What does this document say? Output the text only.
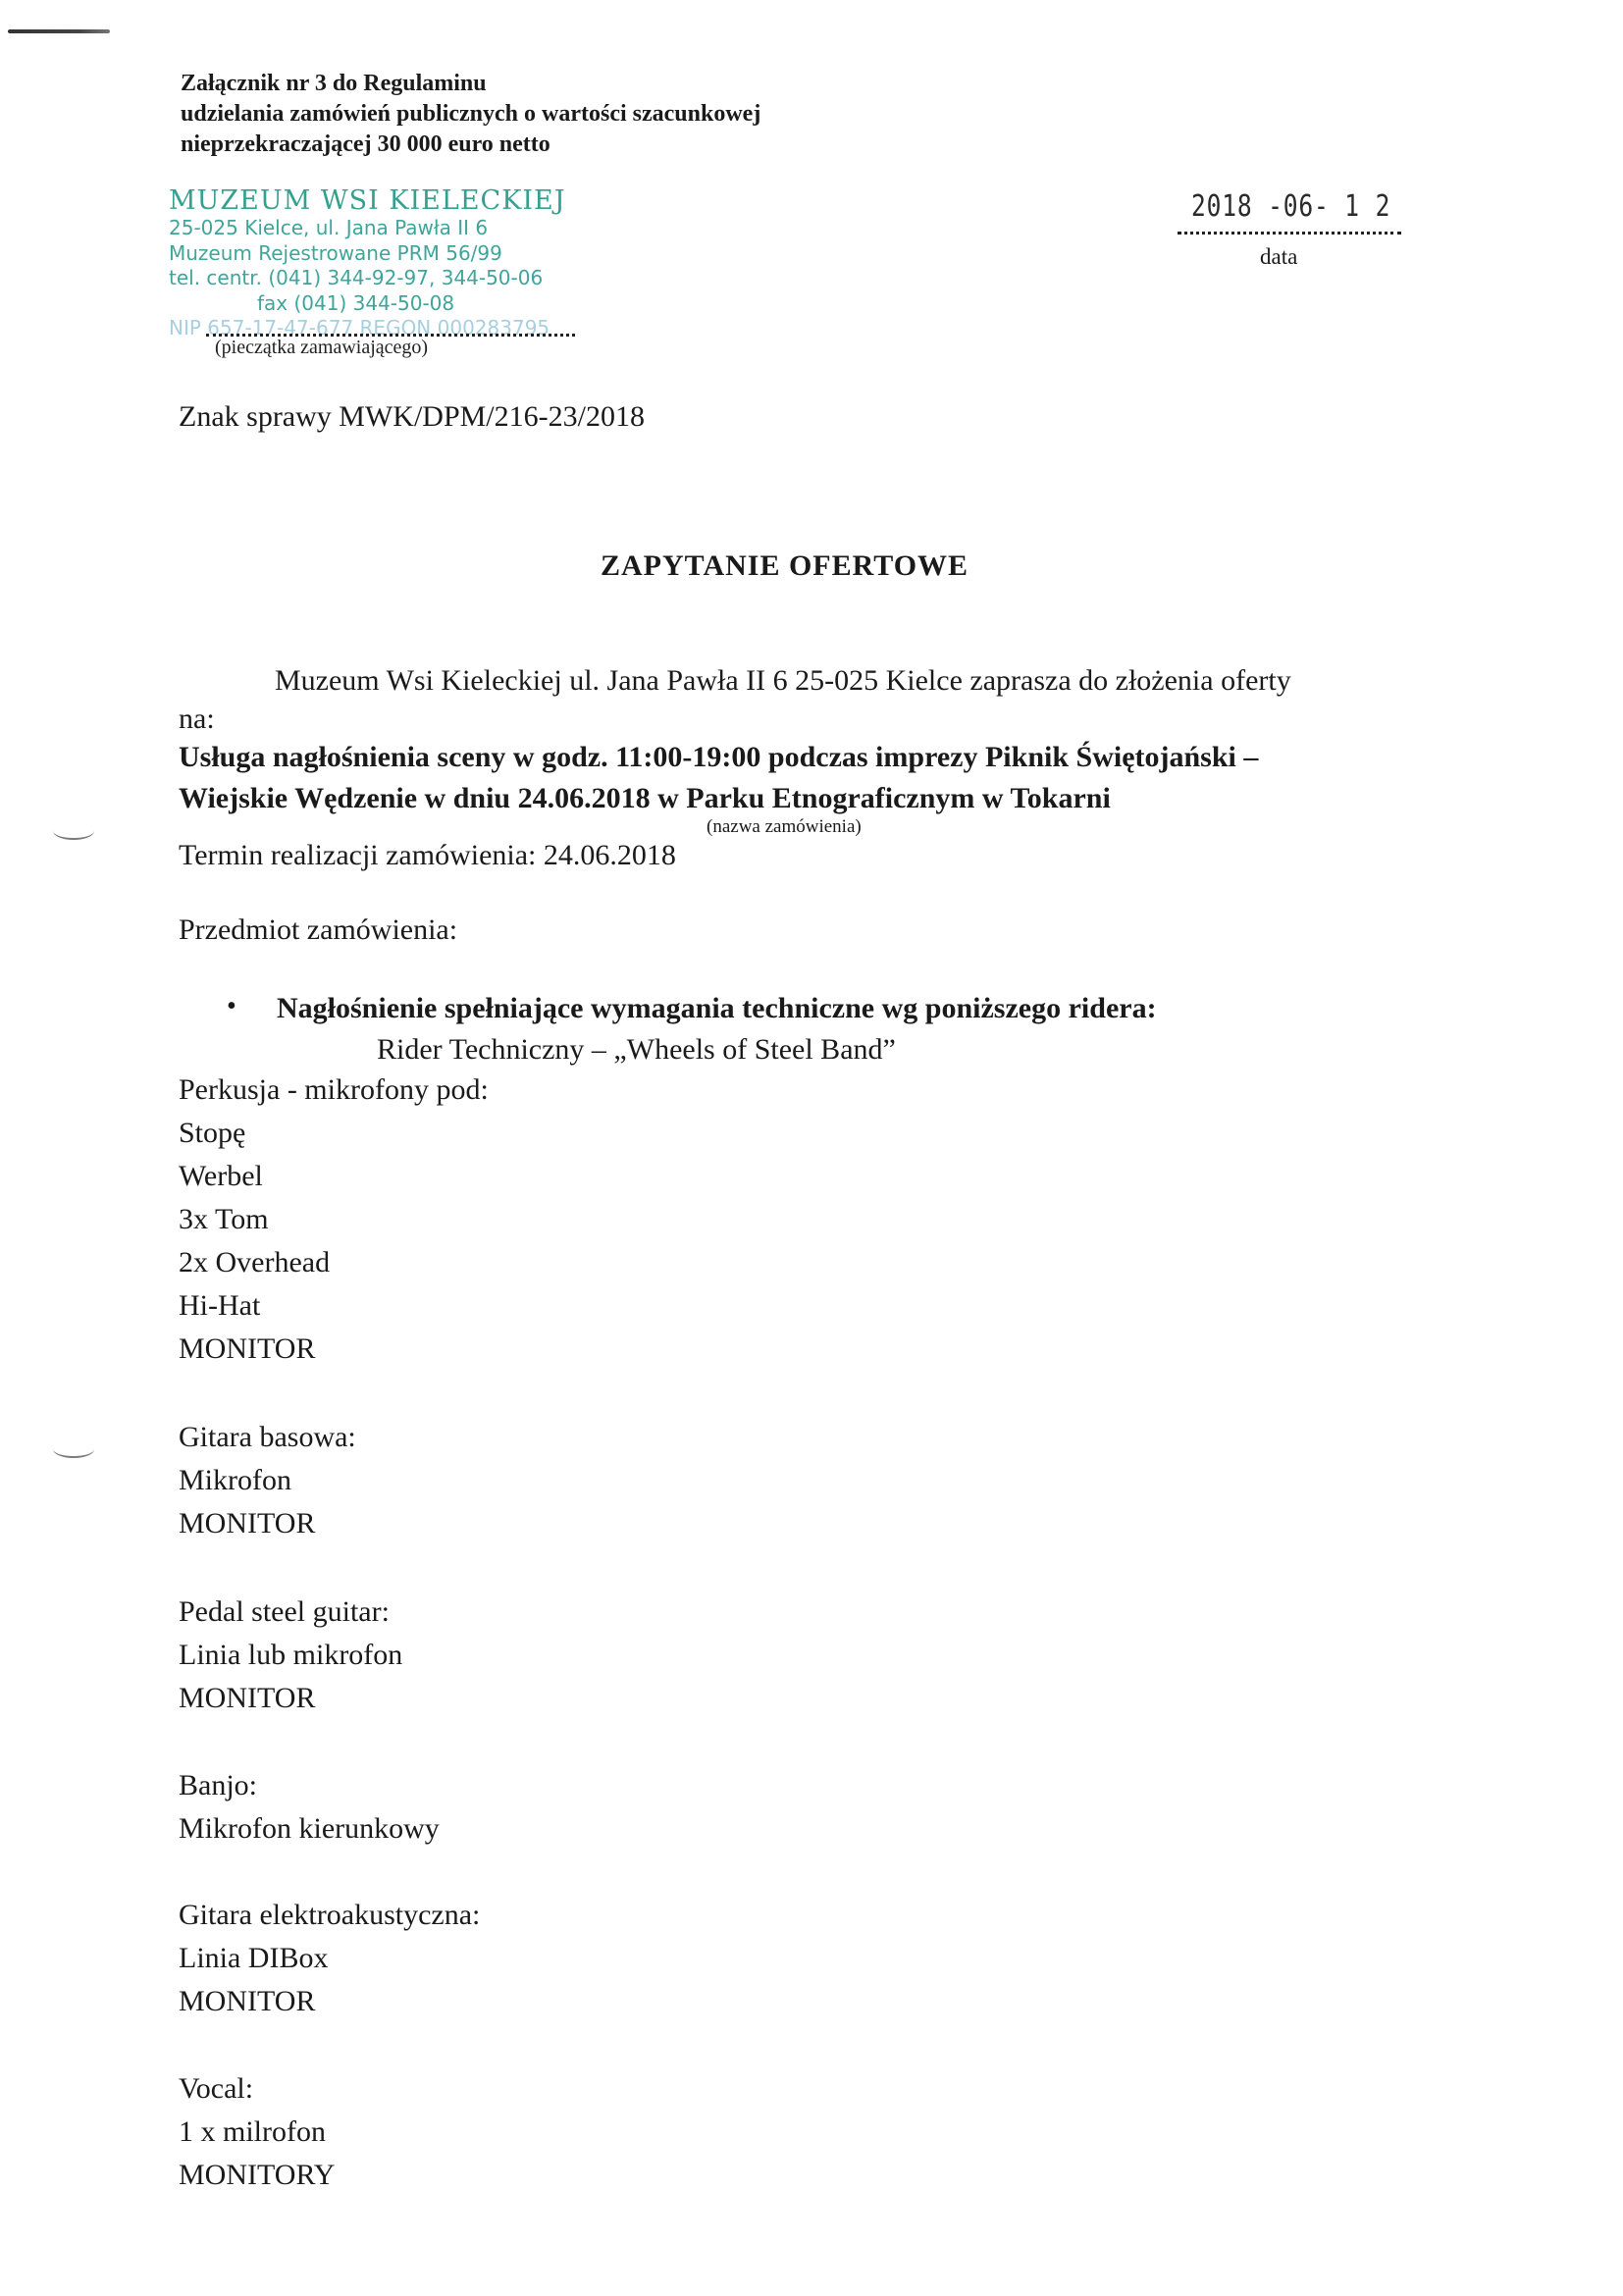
Załącznik nr 3 do Regulaminu
udzielania zamówień publicznych o wartości szacunkowej
nieprzekraczającej 30 000 euro netto
MUZEUM WSI KIELECKIEJ
25-025 Kielce, ul. Jana Pawła II 6
Muzeum Rejestrowane PRM 56/99
tel. centr. (041) 344-92-97, 344-50-06
fax (041) 344-50-08
NIP 657-17-47-677 REGON 000283795
(pieczątka zamawiającego)
2018 -06- 1 2
data
Znak sprawy MWK/DPM/216-23/2018
ZAPYTANIE OFERTOWE
Muzeum Wsi Kieleckiej ul. Jana Pawła II 6 25-025 Kielce zaprasza do złożenia oferty
na:
Usługa nagłośnienia sceny w godz. 11:00-19:00 podczas imprezy Piknik Świętojański –
Wiejskie Wędzenie w dniu 24.06.2018 w Parku Etnograficznym w Tokarni
(nazwa zamówienia)
Termin realizacji zamówienia: 24.06.2018
Przedmiot zamówienia:
• Nagłośnienie spełniające wymagania techniczne wg poniższego ridera:
Rider Techniczny – „Wheels of Steel Band”
Perkusja - mikrofony pod:
Stopę
Werbel
3x Tom
2x Overhead
Hi-Hat
MONITOR
Gitara basowa:
Mikrofon
MONITOR
Pedal steel guitar:
Linia lub mikrofon
MONITOR
Banjo:
Mikrofon kierunkowy
Gitara elektroakustyczna:
Linia DIBox
MONITOR
Vocal:
1 x milrofon
MONITORY
